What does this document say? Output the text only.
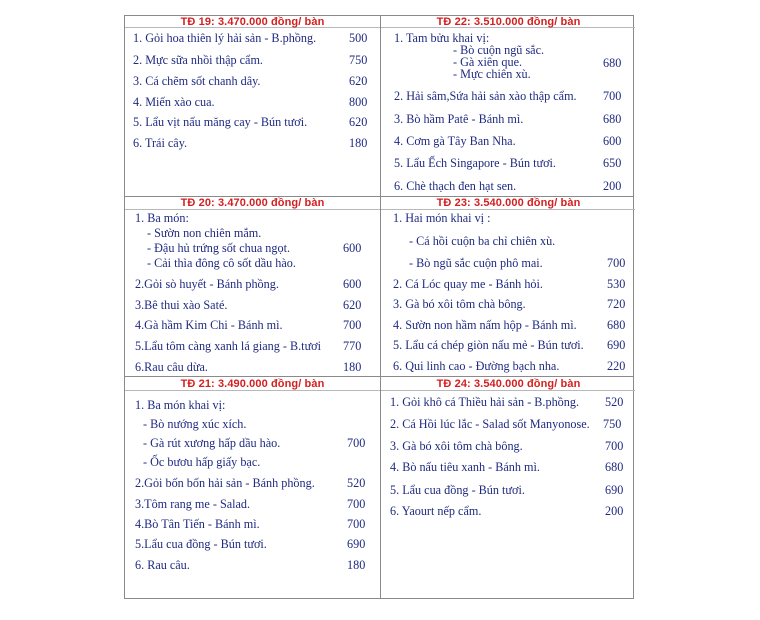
TĐ 19: 3.470.000 đồng/ bàn
1. Gỏi hoa thiên lý hải sản - B.phồng.	500
2. Mực sữa nhồi thập cẩm.	750
3. Cá chẽm sốt chanh dây.	620
4. Miến xào cua.	800
5. Lẩu vịt nấu măng cay - Bún tươi.	620
6. Trái cây.	180
TĐ 22: 3.510.000 đồng/ bàn
1. Tam bửu khai vị:
- Bò cuộn ngũ sắc.
- Gà xiên que.	680
- Mực chiên xù.
2. Hải sâm,Sứa hải sản xào thập cẩm. 700
3. Bò hầm Patê - Bánh mì.	680
4. Cơm gà Tây Ban Nha.	600
5. Lẩu Ếch Singapore - Bún tươi.	650
6. Chè thạch đen hạt sen.	200
TĐ 20: 3.470.000 đồng/ bàn
1. Ba món:
- Sườn non chiên mắm.
- Đậu hủ trứng sốt chua ngọt.	600
- Cải thìa đông cô sốt dầu hào.
2.Gỏi sò huyết - Bánh phồng.	600
3.Bê thui xào Saté.	620
4.Gà hầm Kim Chi - Bánh mì.	700
5.Lẩu tôm càng xanh lá giang - B.tươi 770
6.Rau câu dừa.	180
TĐ 23: 3.540.000 đồng/ bàn
1. Hai món khai vị :
- Cá hồi cuộn ba chỉ chiên xù.
- Bò ngũ sắc cuộn phô mai.	700
2. Cá Lóc quay me - Bánh hỏi.	530
3. Gà bó xôi tôm chà bông.	720
4. Sườn non hầm nấm hộp - Bánh mì. 680
5. Lẩu cá chép giòn nấu mẻ - Bún tươi. 690
6. Qui linh cao - Đường bạch nha.	220
TĐ 21: 3.490.000 đồng/ bàn
1. Ba món khai vị:
- Bò nướng xúc xích.
- Gà rút xương hấp dầu hào.	700
- Ốc bươu hấp giấy bạc.
2.Gỏi bốn bốn hải sản - Bánh phồng.	520
3.Tôm rang me - Salad.	700
4.Bò Tân Tiến - Bánh mì.	700
5.Lẩu cua đồng - Bún tươi.	690
6. Rau câu.	180
TĐ 24: 3.540.000 đồng/ bàn
1. Gỏi khô cá Thiều hải sản - B.phồng. 520
2. Cá Hồi lúc lắc - Salad sốt Manyonose. 750
3. Gà bó xôi tôm chà bông.	700
4. Bò nấu tiêu xanh - Bánh mì.	680
5. Lẩu cua đồng - Bún tươi.	690
6. Yaourt nếp cẩm.	200
